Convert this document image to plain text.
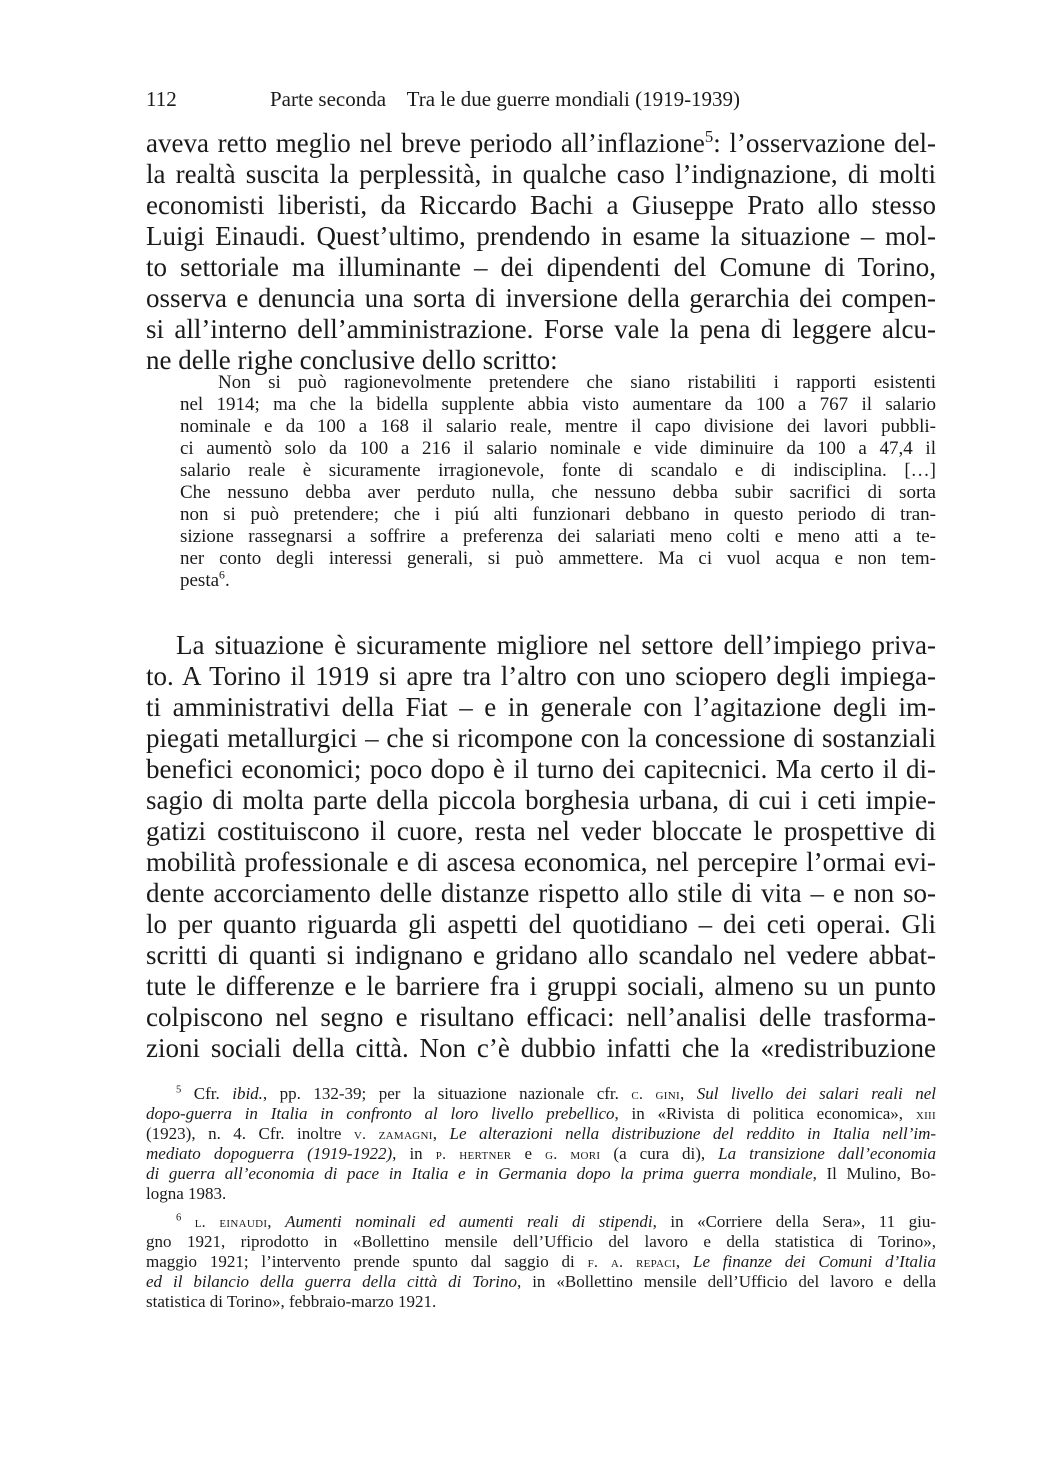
112	Parte seconda    Tra le due guerre mondiali (1919-1939)
aveva retto meglio nel breve periodo all’inflazione$^5$: l’osservazione del-
la realtà suscita la perplessità, in qualche caso l’indignazione, di molti
economisti liberisti, da Riccardo Bachi a Giuseppe Prato allo stesso
Luigi Einaudi. Quest’ultimo, prendendo in esame la situazione – mol-
to settoriale ma illuminante – dei dipendenti del Comune di Torino,
osserva e denuncia una sorta di inversione della gerarchia dei compen-
si all’interno dell’amministrazione. Forse vale la pena di leggere alcu-
ne delle righe conclusive dello scritto:
Non si può ragionevolmente pretendere che siano ristabiliti i rapporti esistenti
nel 1914; ma che la bidella supplente abbia visto aumentare da 100 a 767 il salario
nominale e da 100 a 168 il salario reale, mentre il capo divisione dei lavori pubbli-
ci aumentò solo da 100 a 216 il salario nominale e vide diminuire da 100 a 47,4 il
salario reale è sicuramente irragionevole, fonte di scandalo e di indisciplina. […]
Che nessuno debba aver perduto nulla, che nessuno debba subir sacrifici di sorta
non si può pretendere; che i piú alti funzionari debbano in questo periodo di tran-
sizione rassegnarsi a soffrire a preferenza dei salariati meno colti e meno atti a te-
ner conto degli interessi generali, si può ammettere. Ma ci vuol acqua e non tem-
pesta$^6$.
La situazione è sicuramente migliore nel settore dell’impiego priva-
to. A Torino il 1919 si apre tra l’altro con uno sciopero degli impiega-
ti amministrativi della Fiat – e in generale con l’agitazione degli im-
piegati metallurgici – che si ricompone con la concessione di sostanziali
benefici economici; poco dopo è il turno dei capitecnici. Ma certo il di-
sagio di molta parte della piccola borghesia urbana, di cui i ceti impie-
gatizi costituiscono il cuore, resta nel veder bloccate le prospettive di
mobilità professionale e di ascesa economica, nel percepire l’ormai evi-
dente accorciamento delle distanze rispetto allo stile di vita – e non so-
lo per quanto riguarda gli aspetti del quotidiano – dei ceti operai. Gli
scritti di quanti si indignano e gridano allo scandalo nel vedere abbat-
tute le differenze e le barriere fra i gruppi sociali, almeno su un punto
colpiscono nel segno e risultano efficaci: nell’analisi delle trasforma-
zioni sociali della città. Non c’è dubbio infatti che la «redistribuzione
$^5$ Cfr. ibid., pp. 132-39; per la situazione nazionale cfr. c. gini, Sul livello dei salari reali nel
dopo-guerra in Italia in confronto al loro livello prebellico, in «Rivista di politica economica», xiii
(1923), n. 4. Cfr. inoltre v. zamagni, Le alterazioni nella distribuzione del reddito in Italia nell’im-
mediato dopoguerra (1919-1922), in p. hertner e g. mori (a cura di), La transizione dall’economia
di guerra all’economia di pace in Italia e in Germania dopo la prima guerra mondiale, Il Mulino, Bo-
logna 1983.
$^6$ l. einaudi, Aumenti nominali ed aumenti reali di stipendi, in «Corriere della Sera», 11 giu-
gno 1921, riprodotto in «Bollettino mensile dell’Ufficio del lavoro e della statistica di Torino»,
maggio 1921; l’intervento prende spunto dal saggio di f. a. repaci, Le finanze dei Comuni d’Italia
ed il bilancio della guerra della città di Torino, in «Bollettino mensile dell’Ufficio del lavoro e della
statistica di Torino», febbraio-marzo 1921.
